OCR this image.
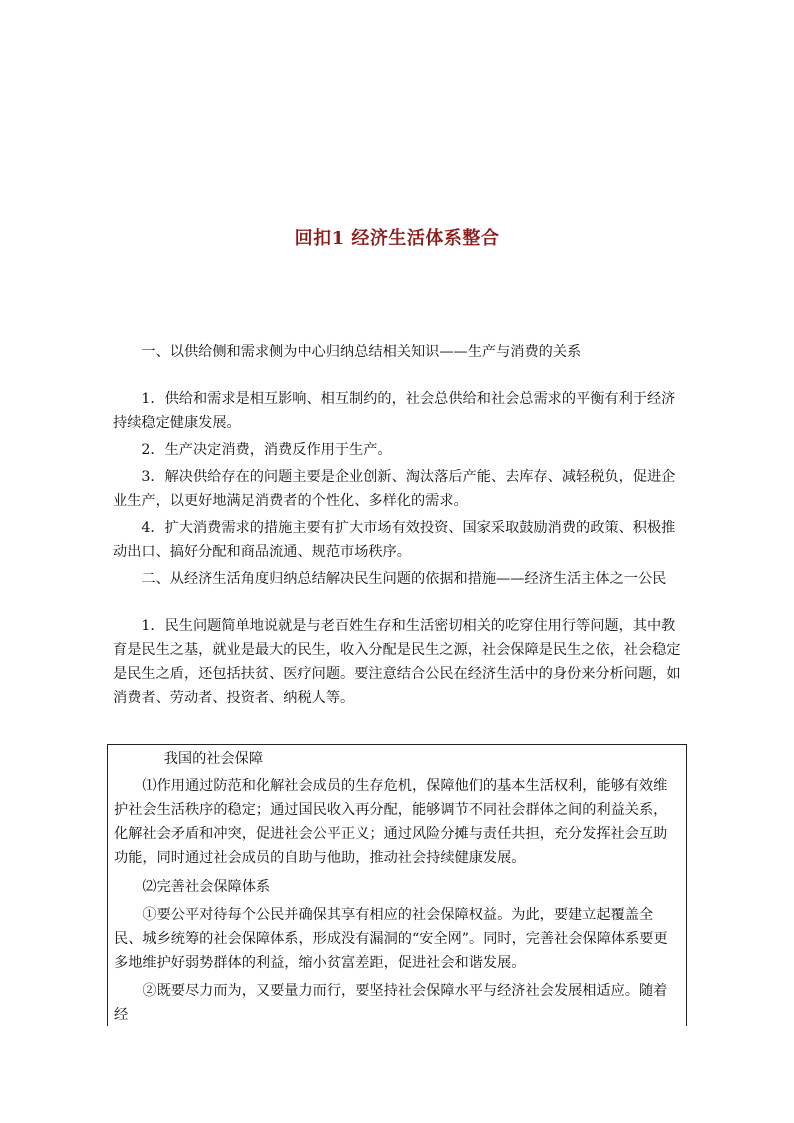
回扣1 经济生活体系整合

一、以供给侧和需求侧为中心归纳总结相关知识——生产与消费的关系

1．供给和需求是相互影响、相互制约的，社会总供给和社会总需求的平衡有利于经济持续稳定健康发展。

2．生产决定消费，消费反作用于生产。

3．解决供给存在的问题主要是企业创新、淘汰落后产能、去库存、减轻税负，促进企业生产，以更好地满足消费者的个性化、多样化的需求。

4．扩大消费需求的措施主要有扩大市场有效投资、国家采取鼓励消费的政策、积极推动出口、搞好分配和商品流通、规范市场秩序。

二、从经济生活角度归纳总结解决民生问题的依据和措施——经济生活主体之一公民

1．民生问题简单地说就是与老百姓生存和生活密切相关的吃穿住用行等问题，其中教育是民生之基，就业是最大的民生，收入分配是民生之源，社会保障是民生之依，社会稳定是民生之盾，还包括扶贫、医疗问题。要注意结合公民在经济生活中的身份来分析问题，如消费者、劳动者、投资者、纳税人等。

我国的社会保障

⑴作用通过防范和化解社会成员的生存危机，保障他们的基本生活权利，能够有效维护社会生活秩序的稳定；通过国民收入再分配，能够调节不同社会群体之间的利益关系，化解社会矛盾和冲突，促进社会公平正义；通过风险分摊与责任共担，充分发挥社会互助功能，同时通过社会成员的自助与他助，推动社会持续健康发展。

⑵完善社会保障体系

①要公平对待每个公民并确保其享有相应的社会保障权益。为此，要建立起覆盖全民、城乡统筹的社会保障体系，形成没有漏洞的“安全网”。同时，完善社会保障体系要更多地维护好弱势群体的利益，缩小贫富差距，促进社会和谐发展。

②既要尽力而为，又要量力而行，要坚持社会保障水平与经济社会发展相适应。随着经
